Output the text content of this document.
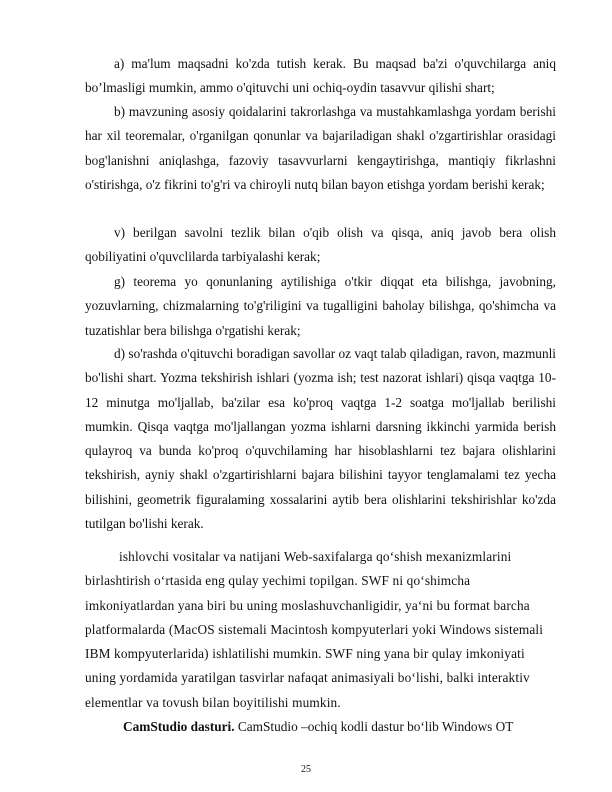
a) ma'lum maqsadni ko'zda tutish kerak. Bu maqsad ba'zi o'quvchilarga aniq bo’lmasligi mumkin, ammo o'qituvchi uni ochiq-oydin tasavvur qilishi shart;

b) mavzuning asosiy qoidalarini takrorlashga va mustahkamlashga yordam berishi har xil teoremalar, o'rganilgan qonunlar va bajariladigan shakl o'zgartirishlar orasidagi bog'lanishni aniqlashga, fazoviy tasavvurlarni kengaytirishga, mantiqiy fikrlashni o'stirishga, o'z fikrini to'g'ri va chiroyli nutq bilan bayon etishga yordam berishi kerak;

v) berilgan savolni tezlik bilan o'qib olish va qisqa, aniq javob bera olish qobiliyatini o'quvclilarda tarbiyalashi kerak;

g) teorema yo qonunlaning aytilishiga o'tkir diqqat eta bilishga, javobning, yozuvlarning, chizmalarning to'g'riligini va tugalligini baholay bilishga, qo'shimcha va tuzatishlar bera bilishga o'rgatishi kerak;

d) so'rashda o'qituvchi boradigan savollar oz vaqt talab qiladigan, ravon, mazmunli bo'lishi shart. Yozma tekshirish ishlari (yozma ish; test nazorat ishlari) qisqa vaqtga 10-12 minutga mo'ljallab, ba'zilar esa ko'proq vaqtga 1-2 soatga mo'ljallab berilishi mumkin. Qisqa vaqtga mo'ljallangan yozma ishlarni darsning ikkinchi yarmida berish qulayroq va bunda ko'proq o'quvchilaming har hisoblashlarni tez bajara olishlarini tekshirish, ayniy shakl o'zgartirishlarni bajara bilishini tayyor tenglamalami tez yecha bilishini, geometrik figuralaming xossalarini aytib bera olishlarini tekshirishlar ko'zda tutilgan bo'lishi kerak.

ishlovchi vositalar va natijani Web-saxifalarga qo‘shish mexanizmlarini birlashtirish o‘rtasida eng qulay yechimi topilgan. SWF ni qo‘shimcha imkoniyatlardan yana biri bu uning moslashuvchanligidir, ya‘ni bu format barcha platformalarda (MacOS sistemali Macintosh kompyuterlari yoki Windows sistemali IBM kompyuterlarida) ishlatilishi mumkin. SWF ning yana bir qulay imkoniyati uning yordamida yaratilgan tasvirlar nafaqat animasiyali bo‘lishi, balki interaktiv elementlar va tovush bilan boyitilishi mumkin.

CamStudio dasturi. CamStudio –ochiq kodli dastur bo‘lib Windows OT

25
